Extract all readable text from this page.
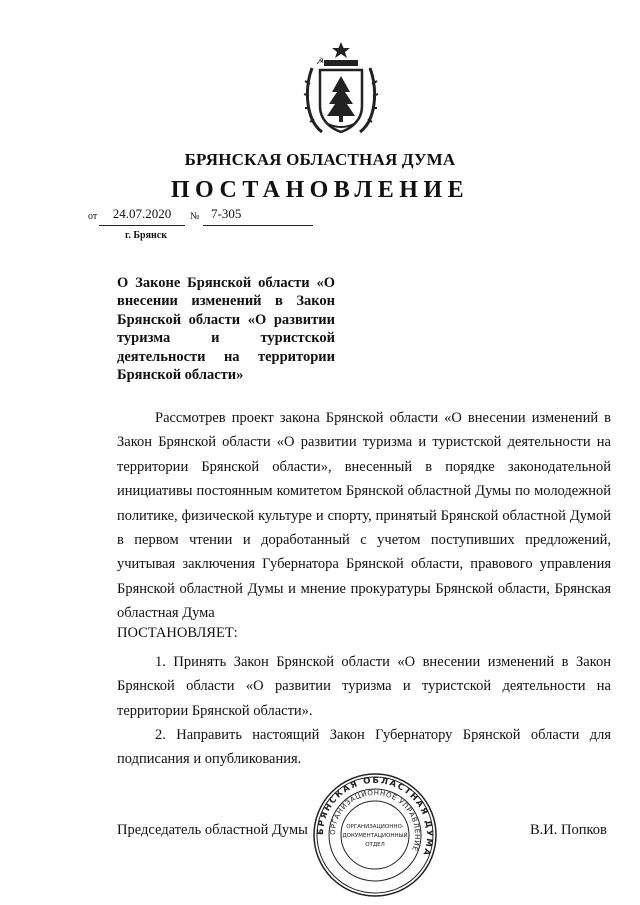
☭
БРЯНСКАЯ ОБЛАСТНАЯ ДУМА
ПОСТАНОВЛЕНИЕ
от	24.07.2020	№ 7-305
г. Брянск
О Законе Брянской области «О внесении изменений в Закон Брянской области «О развитии туризма и туристской деятельности на территории Брянской области»

Рассмотрев проект закона Брянской области «О внесении изменений в Закон Брянской области «О развитии туризма и туристской деятельности на территории Брянской области», внесенный в порядке законодательной инициативы постоянным комитетом Брянской областной Думы по молодежной политике, физической культуре и спорту, принятый Брянской областной Думой в первом чтении и доработанный с учетом поступивших предложений, учитывая заключения Губернатора Брянской области, правового управления Брянской областной Думы и мнение прокуратуры Брянской области, Брянская областная Дума

ПОСТАНОВЛЯЕТ:

1. Принять Закон Брянской области «О внесении изменений в Закон Брянской области «О развитии туризма и туристской деятельности на территории Брянской области».

2. Направить настоящий Закон Губернатору Брянской области для подписания и опубликования.

Председатель областной Думы	В.И. Попков
БРЯНСКАЯ ОБЛАСТНАЯ ДУМА
ОРГАНИЗАЦИОННОЕ УПРАВЛЕНИЕ
ОРГАНИЗАЦИОННО-
ДОКУМЕНТАЦИОННЫЙ
ОТДЕЛ
